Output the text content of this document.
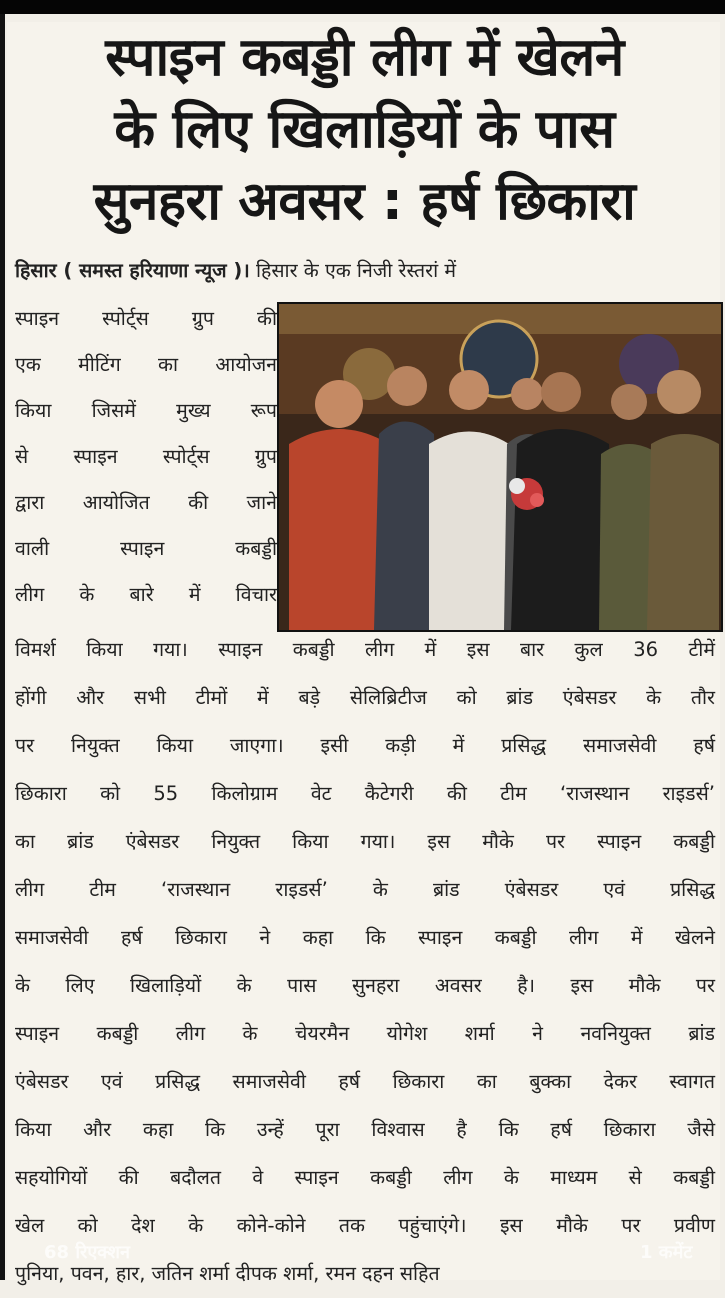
स्पाइन कबड्डी लीग में खेलने
के लिए खिलाड़ियों के पास
सुनहरा अवसर : हर्ष छिकारा
हिसार ( समस्त हरियाणा न्यूज )। हिसार के एक निजी रेस्तरां में
स्पाइन स्पोर्ट्स ग्रुप की
एक मीटिंग का आयोजन
किया जिसमें मुख्य रूप
से स्पाइन स्पोर्ट्स ग्रुप
द्वारा आयोजित की जाने
वाली स्पाइन कबड्डी
लीग के बारे में विचार
विमर्श किया गया। स्पाइन कबड्डी लीग में इस बार कुल 36 टीमें
होंगी और सभी टीमों में बड़े सेलिब्रिटीज को ब्रांड एंबेसडर के तौर
पर नियुक्त किया जाएगा। इसी कड़ी में प्रसिद्ध समाजसेवी हर्ष
छिकारा को 55 किलोग्राम वेट कैटेगरी की टीम ‘राजस्थान राइडर्स’
का ब्रांड एंबेसडर नियुक्त किया गया। इस मौके पर स्पाइन कबड्डी
लीग टीम ‘राजस्थान राइडर्स’ के ब्रांड एंबेसडर एवं प्रसिद्ध
समाजसेवी हर्ष छिकारा ने कहा कि स्पाइन कबड्डी लीग में खेलने
के लिए खिलाड़ियों के पास सुनहरा अवसर है। इस मौके पर
स्पाइन कबड्डी लीग के चेयरमैन योगेश शर्मा ने नवनियुक्त ब्रांड
एंबेसडर एवं प्रसिद्ध समाजसेवी हर्ष छिकारा का बुक्का देकर स्वागत
किया और कहा कि उन्हें पूरा विश्वास है कि हर्ष छिकारा जैसे
सहयोगियों की बदौलत वे स्पाइन कबड्डी लीग के माध्यम से कबड्डी
खेल को देश के कोने-कोने तक पहुंचाएंगे। इस मौके पर प्रवीण
पुनिया, पवन, हार, जतिन शर्मा दीपक शर्मा, रमन दहन सहित
68 रिएक्शन	1 कमेंट
